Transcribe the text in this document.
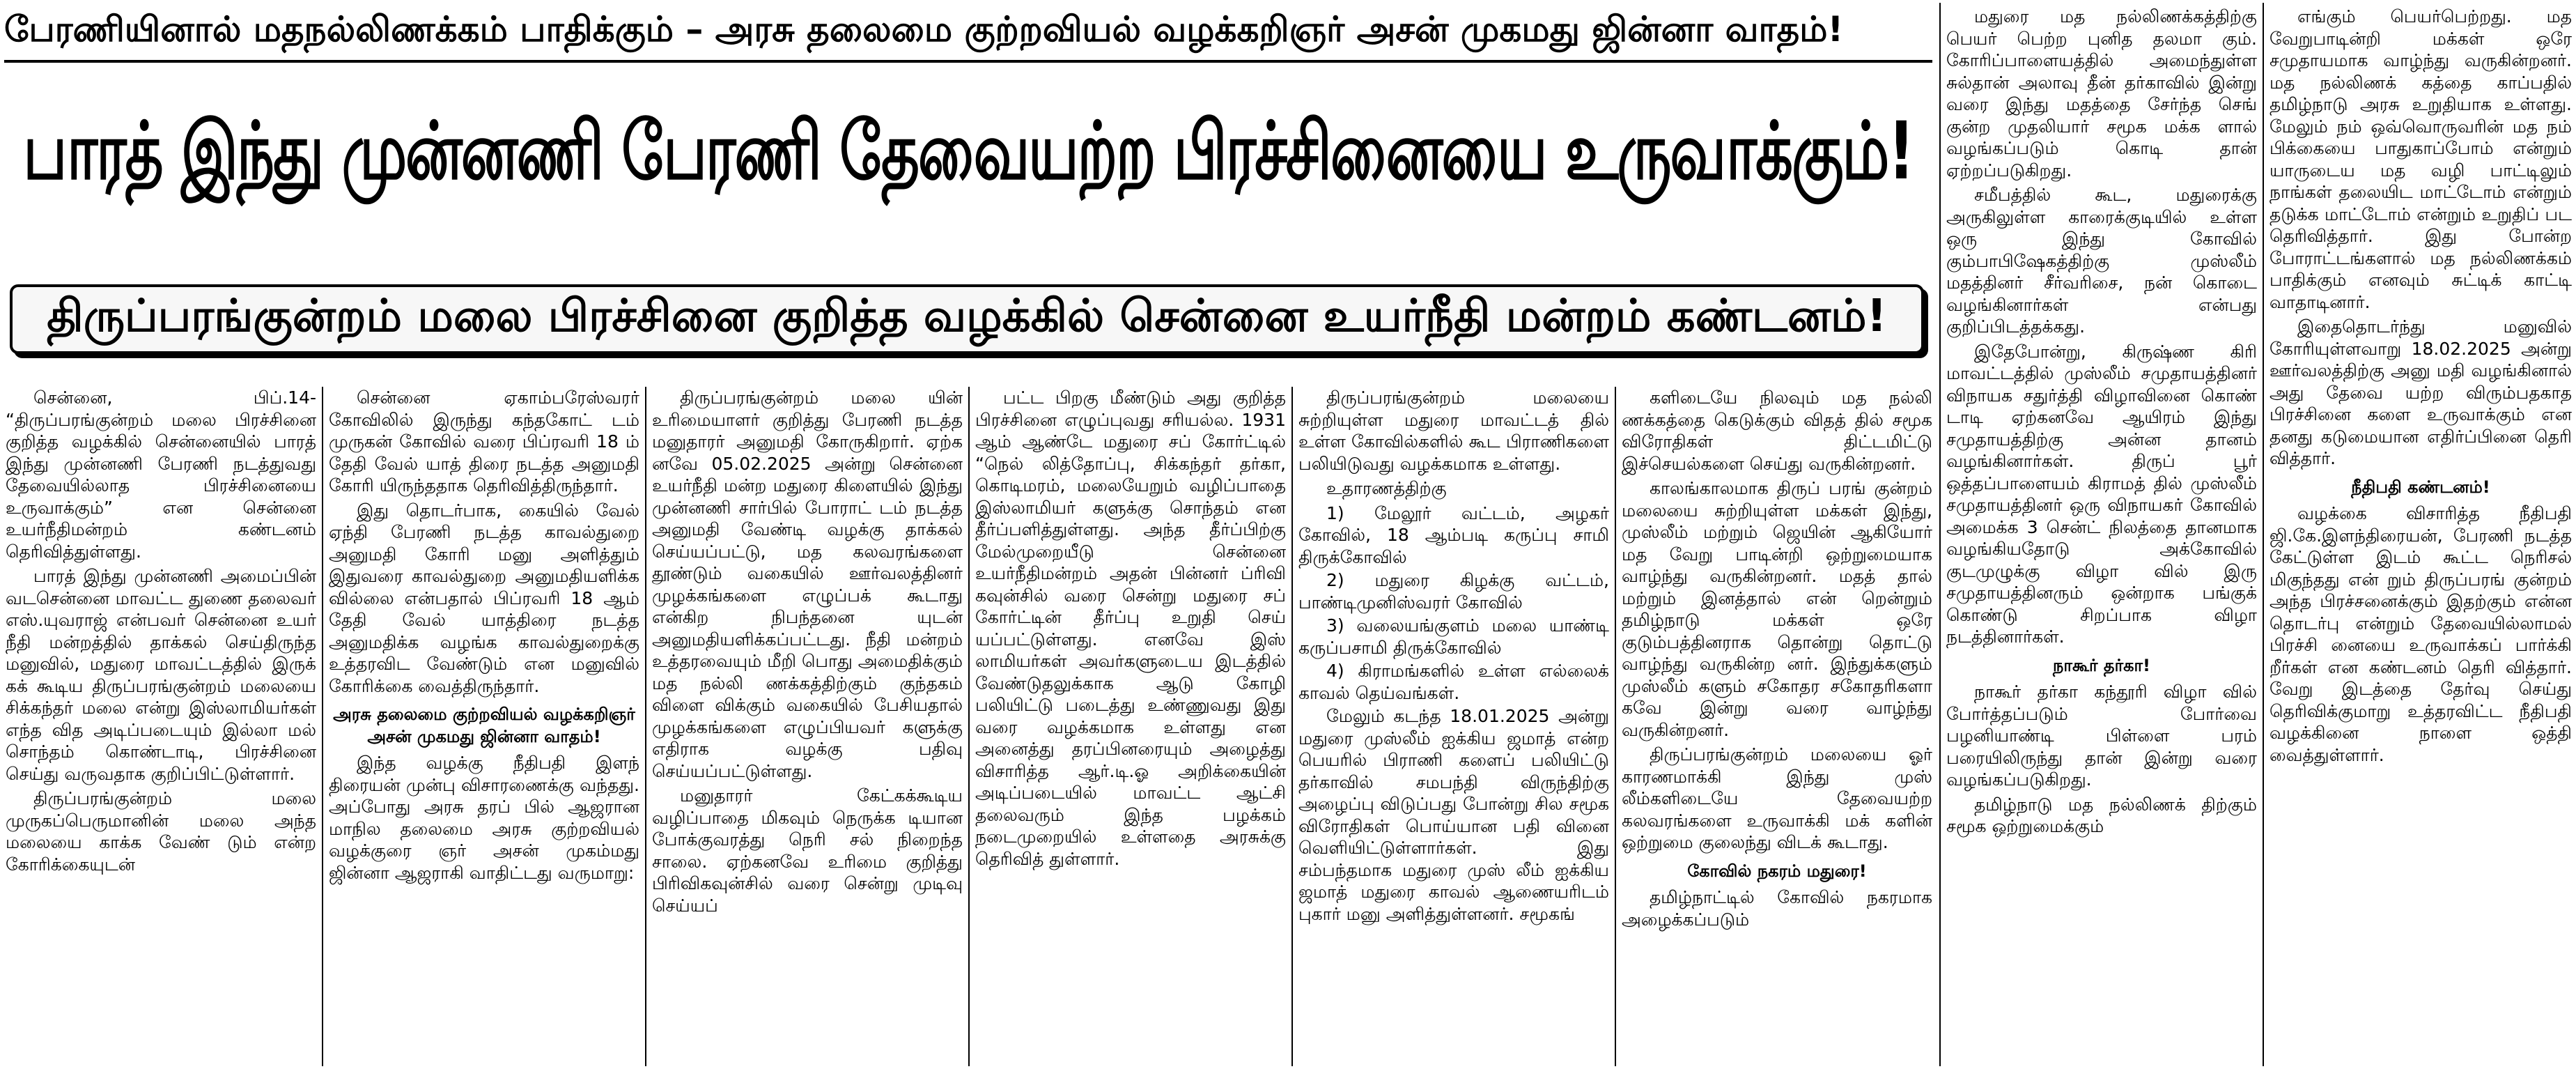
பேரணியினால் மதநல்லிணக்கம் பாதிக்கும் – அரசு தலைமை குற்றவியல் வழக்கறிஞர் அசன் முகமது ஜின்னா வாதம்!
பாரத் இந்து முன்னணி பேரணி தேவையற்ற பிரச்சினையை உருவாக்கும்!
திருப்பரங்குன்றம் மலை பிரச்சினை குறித்த வழக்கில் சென்னை உயர்நீதி மன்றம் கண்டனம்!

சென்னை, பிப்.14- “திருப்பரங்குன்றம் மலை பிரச்சினை குறித்த வழக்கில் சென்னையில் பாரத் இந்து முன்னணி பேரணி நடத்துவது தேவையில்லாத பிரச்சினையை உருவாக்கும்” என சென்னை உயர்நீதிமன்றம் கண்டனம் தெரிவித்துள்ளது.

பாரத் இந்து முன்னணி அமைப்பின் வடசென்னை மாவட்ட துணை தலைவர் எஸ்.யுவராஜ் என்பவர் சென்னை உயர் நீதி மன்றத்தில் தாக்கல் செய்திருந்த மனுவில், மதுரை மாவட்டத்தில் இருக் கக் கூடிய திருப்பரங்குன்றம் மலையை சிக்கந்தர் மலை என்று இஸ்லாமியர்கள் எந்த வித அடிப்படையும் இல்லா மல் சொந்தம் கொண்டாடி, பிரச்சினை செய்து வருவதாக குறிப்பிட்டுள்ளார்.

திருப்பரங்குன்றம் மலை முருகப்பெருமானின் மலை அந்த மலையை காக்க வேண் டும் என்ற கோரிக்கையுடன்

சென்னை ஏகாம்பரேஸ்வரர் கோவிலில் இருந்து கந்தகோட் டம் முருகன் கோவில் வரை பிப்ரவரி 18 ம் தேதி வேல் யாத் திரை நடத்த அனுமதி கோரி யிருந்ததாக தெரிவித்திருந்தார்.

இது தொடர்பாக, கையில் வேல் ஏந்தி பேரணி நடத்த காவல்துறை அனுமதி கோரி மனு அளித்தும் இதுவரை காவல்துறை அனுமதியளிக்க வில்லை என்பதால் பிப்ரவரி 18 ஆம் தேதி வேல் யாத்திரை நடத்த அனுமதிக்க வழங்க காவல்துறைக்கு உத்தரவிட வேண்டும் என மனுவில் கோரிக்கை வைத்திருந்தார்.

அரசு தலைமை குற்றவியல் வழக்கறிஞர் அசன் முகமது ஜின்னா வாதம்!

இந்த வழக்கு நீதிபதி இளந் திரையன் முன்பு விசாரணைக்கு வந்தது. அப்போது அரசு தரப் பில் ஆஜரான மாநில தலைமை அரசு குற்றவியல் வழக்குரை ஞர் அசன் முகம்மது ஜின்னா ஆஜராகி வாதிட்டது வருமாறு:

திருப்பரங்குன்றம் மலை யின் உரிமையாளர் குறித்து பேரணி நடத்த மனுதாரர் அனுமதி கோருகிறார். ஏற்க னவே 05.02.2025 அன்று சென்னை உயர்நீதி மன்ற மதுரை கிளையில் இந்து முன்னணி சார்பில் போராட் டம் நடத்த அனுமதி வேண்டி வழக்கு தாக்கல் செய்யப்பட்டு, மத கலவரங்களை தூண்டும் வகையில் ஊர்வலத்தினர் முழக்கங்களை எழுப்பக் கூடாது என்கிற நிபந்தனை யுடன் அனுமதியளிக்கப்பட்டது. நீதி மன்றம் உத்தரவையும் மீறி பொது அமைதிக்கும் மத நல்லி ணக்கத்திற்கும் குந்தகம் விளை விக்கும் வகையில் பேசியதால் முழக்கங்களை எழுப்பியவர் களுக்கு எதிராக வழக்கு பதிவு செய்யப்பட்டுள்ளது.

மனுதாரர் கேட்கக்கூடிய வழிப்பாதை மிகவும் நெருக்க டியான போக்குவரத்து நெரி சல் நிறைந்த சாலை. ஏற்கனவே உரிமை குறித்து பிரிவிகவுன்சில் வரை சென்று முடிவு செய்யப்

பட்ட பிறகு மீண்டும் அது குறித்த பிரச்சினை எழுப்புவது சரியல்ல. 1931 ஆம் ஆண்டே மதுரை சப் கோர்ட்டில் “நெல் லித்தோப்பு, சிக்கந்தர் தர்கா, கொடிமரம், மலையேறும் வழிப்பாதை இஸ்லாமியர் களுக்கு சொந்தம் என தீர்ப்பளித்துள்ளது. அந்த தீர்ப்பிற்கு மேல்முறையீடு சென்னை உயர்நீதிமன்றம் அதன் பின்னர் ப்ரிவி கவுன்சில் வரை சென்று மதுரை சப் கோர்ட்டின் தீர்ப்பு உறுதி செய் யப்பட்டுள்ளது. எனவே இஸ் லாமியர்கள் அவர்களுடைய இடத்தில் வேண்டுதலுக்காக ஆடு கோழி பலியிட்டு படைத்து உண்ணுவது இது வரை வழக்கமாக உள்ளது என அனைத்து தரப்பினரையும் அழைத்து விசாரித்த ஆர்.டி.ஓ அறிக்கையின் அடிப்படையில் மாவட்ட ஆட்சி தலைவரும் இந்த பழக்கம் நடைமுறையில் உள்ளதை அரசுக்கு தெரிவித் துள்ளார்.

திருப்பரங்குன்றம் மலையை சுற்றியுள்ள மதுரை மாவட்டத் தில் உள்ள கோவில்களில் கூட பிராணிகளை பலியிடுவது வழக்கமாக உள்ளது.

உதாரணத்திற்கு

1) மேலூர் வட்டம், அழகர் கோவில், 18 ஆம்படி கருப்பு சாமி திருக்கோவில்

2) மதுரை கிழக்கு வட்டம், பாண்டிமுனிஸ்வரர் கோவில்

3) வலையங்குளம் மலை யாண்டி கருப்பசாமி திருக்கோவில்

4) கிராமங்களில் உள்ள எல்லைக் காவல் தெய்வங்கள்.

மேலும் கடந்த 18.01.2025 அன்று மதுரை முஸ்லீம் ஐக்கிய ஜமாத் என்ற பெயரில் பிராணி களைப் பலியிட்டு தர்காவில் சமபந்தி விருந்திற்கு அழைப்பு விடுப்பது போன்று சில சமூக விரோதிகள் பொய்யான பதி வினை வெளியிட்டுள்ளார்கள். இது சம்பந்தமாக மதுரை முஸ் லீம் ஐக்கிய ஜமாத் மதுரை காவல் ஆணையரிடம் புகார் மனு அளித்துள்ளனர். சமூகங்

களிடையே நிலவும் மத நல்லி ணக்கத்தை கெடுக்கும் விதத் தில் சமூக விரோதிகள் திட்டமிட்டு இச்செயல்களை செய்து வருகின்றனர்.

காலங்காலமாக திருப் பரங் குன்றம் மலையை சுற்றியுள்ள மக்கள் இந்து, முஸ்லீம் மற்றும் ஜெயின் ஆகியோர் மத வேறு பாடின்றி ஒற்றுமையாக வாழ்ந்து வருகின்றனர். மதத் தால் மற்றும் இனத்தால் என் றென்றும் தமிழ்நாடு மக்கள் ஒரே குடும்பத்தினராக தொன்று தொட்டு வாழ்ந்து வருகின்ற னர். இந்துக்களும் முஸ்லீம் களும் சகோதர சகோதரிகளா கவே இன்று வரை வாழ்ந்து வருகின்றனர்.

திருப்பரங்குன்றம் மலையை ஓர் காரணமாக்கி இந்து முஸ் லீம்களிடையே தேவையற்ற கலவரங்களை உருவாக்கி மக் களின் ஒற்றுமை குலைந்து விடக் கூடாது.

கோவில் நகரம் மதுரை!

தமிழ்நாட்டில் கோவில் நகரமாக அழைக்கப்படும்

மதுரை மத நல்லிணக்கத்திற்கு பெயர் பெற்ற புனித தலமா கும். கோரிப்பாளையத்தில் அமைந்துள்ள சுல்தான் அலாவு தீன் தர்காவில் இன்று வரை இந்து மதத்தை சேர்ந்த செங் குன்ற முதலியார் சமூக மக்க ளால் வழங்கப்படும் கொடி தான் ஏற்றப்படுகிறது.

சமீபத்தில் கூட, மதுரைக்கு அருகிலுள்ள காரைக்குடியில் உள்ள ஒரு இந்து கோவில் கும்பாபிஷேகத்திற்கு முஸ்லீம் மதத்தினர் சீர்வரிசை, நன் கொடை வழங்கினார்கள் என்பது குறிப்பிடத்தக்கது.

இதேபோன்று, கிருஷ்ண கிரி மாவட்டத்தில் முஸ்லீம் சமுதாயத்தினர் விநாயக சதுர்த்தி விழாவினை கொண் டாடி ஏற்கனவே ஆயிரம் இந்து சமுதாயத்திற்கு அன்ன தானம் வழங்கினார்கள். திருப் பூர் ஒத்தப்பாளையம் கிராமத் தில் முஸ்லீம் சமுதாயத்தினர் ஒரு விநாயகர் கோவில் அமைக்க 3 சென்ட் நிலத்தை தானமாக வழங்கியதோடு அக்கோவில் குடமுழுக்கு விழா வில் இரு சமுதாயத்தினரும் ஒன்றாக பங்குக் கொண்டு சிறப்பாக விழா நடத்தினார்கள்.

நாகூர் தர்கா!

நாகூர் தர்கா கந்தூரி விழா வில் போர்த்தப்படும் போர்வை பழனியாண்டி பிள்ளை பரம் பரையிலிருந்து தான் இன்று வரை வழங்கப்படுகிறது.

தமிழ்நாடு மத நல்லிணக் திற்கும் சமூக ஒற்றுமைக்கும்

எங்கும் பெயர்பெற்றது. மத வேறுபாடின்றி மக்கள் ஒரே சமுதாயமாக வாழ்ந்து வருகின்றனர். மத நல்லிணக் கத்தை காப்பதில் தமிழ்நாடு அரசு உறுதியாக உள்ளது. மேலும் நம் ஒவ்வொருவரின் மத நம் பிக்கையை பாதுகாப்போம் என்றும் யாருடைய மத வழி பாட்டிலும் நாங்கள் தலையிட மாட்டோம் என்றும் தடுக்க மாட்டோம் என்றும் உறுதிப் பட தெரிவித்தார். இது போன்ற போராட்டங்களால் மத நல்லிணக்கம் பாதிக்கும் எனவும் சுட்டிக் காட்டி வாதாடினார்.

இதைதொடர்ந்து மனுவில் கோரியுள்ளவாறு 18.02.2025 அன்று ஊர்வலத்திற்கு அனு மதி வழங்கினால் அது தேவை யற்ற விரும்பதகாத பிரச்சினை களை உருவாக்கும் என தனது கடுமையான எதிர்ப்பினை தெரி வித்தார்.

நீதிபதி கண்டனம்!

வழக்கை விசாரித்த நீதிபதி ஜி.கே.இளந்திரையன், பேரணி நடத்த கேட்டுள்ள இடம் கூட்ட நெரிசல் மிகுந்தது என் றும் திருப்பரங் குன்றம் அந்த பிரச்சனைக்கும் இதற்கும் என்ன தொடர்பு என்றும் தேவையில்லாமல் பிரச்சி னையை உருவாக்கப் பார்க்கி றீர்கள் என கண்டனம் தெரி வித்தார். வேறு இடத்தை தேர்வு செய்து தெரிவிக்குமாறு உத்தரவிட்ட நீதிபதி வழக்கினை நாளை ஒத்தி வைத்துள்ளார்.
